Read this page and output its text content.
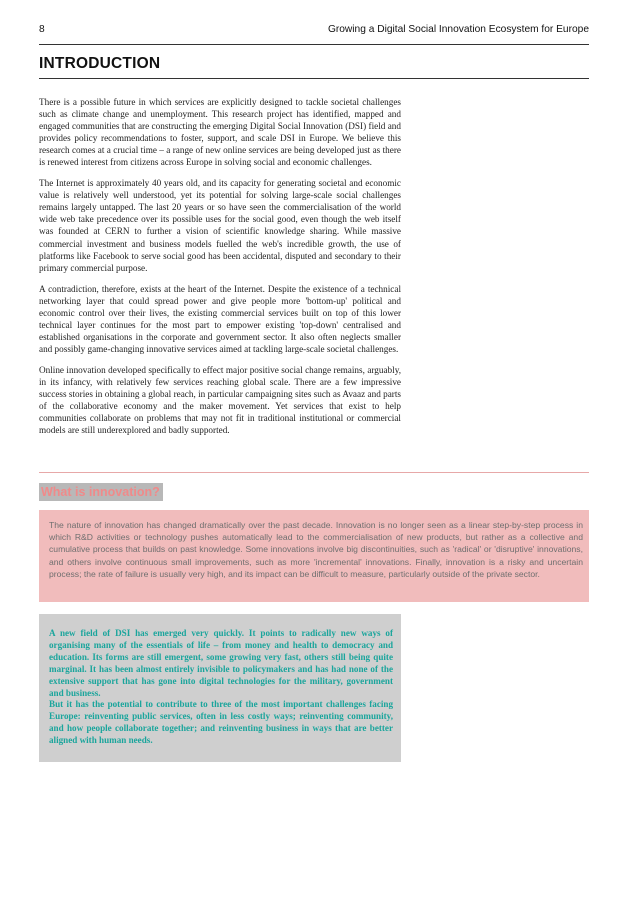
8	Growing a Digital Social Innovation Ecosystem for Europe
INTRODUCTION

There is a possible future in which services are explicitly designed to tackle societal challenges such as climate change and unemployment. This research project has identified, mapped and engaged communities that are constructing the emerging Digital Social Innovation (DSI) field and provides policy recommendations to foster, support, and scale DSI in Europe. We believe this research comes at a crucial time – a range of new online services are being developed just as there is renewed interest from citizens across Europe in solving social and economic challenges.

The Internet is approximately 40 years old, and its capacity for generating societal and economic value is relatively well understood, yet its potential for solving large-scale social challenges remains largely untapped. The last 20 years or so have seen the commercialisation of the world wide web take precedence over its possible uses for the social good, even though the web itself was founded at CERN to further a vision of scientific knowledge sharing. While massive commercial investment and business models fuelled the web's incredible growth, the use of platforms like Facebook to serve social good has been accidental, disputed and secondary to their primary commercial purpose.

A contradiction, therefore, exists at the heart of the Internet. Despite the existence of a technical networking layer that could spread power and give people more 'bottom-up' political and economic control over their lives, the existing commercial services built on top of this lower technical layer continues for the most part to empower existing 'top-down' centralised and established organisations in the corporate and government sector. It also often neglects smaller and possibly game-changing innovative services aimed at tackling large-scale societal challenges.

Online innovation developed specifically to effect major positive social change remains, arguably, in its infancy, with relatively few services reaching global scale. There are a few impressive success stories in obtaining a global reach, in particular campaigning sites such as Avaaz and parts of the collaborative economy and the maker movement. Yet services that exist to help communities collaborate on problems that may not fit in traditional institutional or commercial models are still underexplored and badly supported.

What is innovation?

The nature of innovation has changed dramatically over the past decade. Innovation is no longer seen as a linear step-by-step process in which R&D activities or technology pushes automatically lead to the commercialisation of new products, but rather as a collective and cumulative process that builds on past knowledge. Some innovations involve big discontinuities, such as 'radical' or 'disruptive' innovations, and others involve continuous small improvements, such as more 'incremental' innovations. Finally, innovation is a risky and uncertain process; the rate of failure is usually very high, and its impact can be difficult to measure, particularly outside of the private sector.

A new field of DSI has emerged very quickly. It points to radically new ways of organising many of the essentials of life – from money and health to democracy and education. Its forms are still emergent, some growing very fast, others still being quite marginal. It has been almost entirely invisible to policymakers and has had none of the extensive support that has gone into digital technologies for the military, government and business.

But it has the potential to contribute to three of the most important challenges facing Europe: reinventing public services, often in less costly ways; reinventing community, and how people collaborate together; and reinventing business in ways that are better aligned with human needs.
